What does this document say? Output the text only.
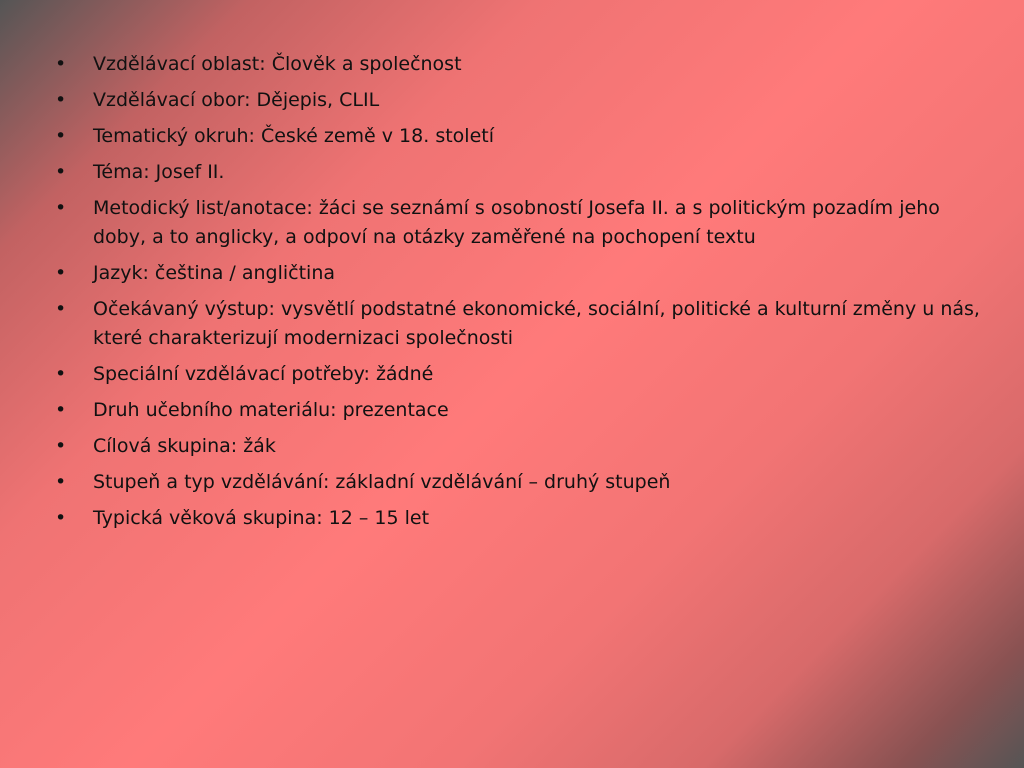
•	Vzdělávací oblast: Člověk a společnost
•	Vzdělávací obor: Dějepis, CLIL
•	Tematický okruh: České země v 18. století
•	Téma: Josef II.
•	Metodický list/anotace: žáci se seznámí s osobností Josefa II. a s politickým pozadím jeho doby, a to anglicky, a odpoví na otázky zaměřené na pochopení textu
•	Jazyk: čeština / angličtina
•	Očekávaný výstup: vysvětlí podstatné ekonomické, sociální, politické a kulturní změny u nás, které charakterizují modernizaci společnosti
•	Speciální vzdělávací potřeby: žádné
•	Druh učebního materiálu: prezentace
•	Cílová skupina: žák
•	Stupeň a typ vzdělávání: základní vzdělávání – druhý stupeň
•	Typická věková skupina: 12 – 15 let
